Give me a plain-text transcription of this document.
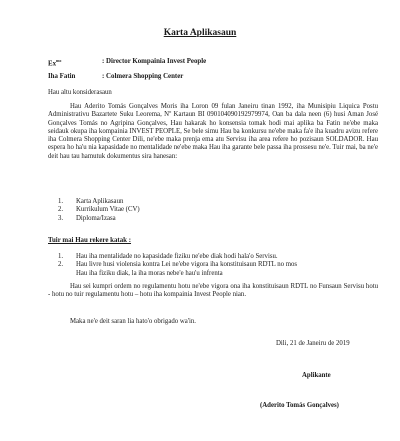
Karta Aplikasaun
$Ex^{mo}$	: Director Kompainia Invest People
Iha Fatin	: Colmera Shopping Center
Hau altu konsiderasaun
Hau Aderito Tomás Gonçalves Moris iha Loron 09 fulan Janeiru tinan 1992, iha Munisipiu Liquica Postu Administrativu Bazartete Suku Leorema, Nº Kartaun BI 090104090192979974, Oan ba dala neen (6) husi Aman José Gonçalves Tomás no Agripina Gonçalves, Hau hakarak ho konsensia tomak hodi mai aplika ba Fatin ne'ebe maka seidauk okupa iha kompainia INVEST PEOPLE, Se bele simu Hau ba konkursu ne'ebe maka fa'e iha kuadru avizu refere iha Colmera Shopping Center Dili, ne'ebe maka prenja ema atu Servisu iha area refere ho pozisaun SOLDADOR. Hau espera ho ha'u nia kapasidade no mentalidade ne'ebe maka Hau iha garante bele passa iha prossesu ne'e. Tuir mai, ba ne'e deit hau tau hamutuk dokumentus sira hanesan:
1. Karta Aplikasaun
2. Kurrikulum Vitae (CV)
3. Diploma/Izasa
Tuir mai Hau rekere katak :
1. Hau iha mentalidade no kapasidade fiziku ne'ebe diak hodi hala'o Servisu.
2. Hau livre husi violensia kontra Lei ne'ebe vigora iha konstituisaun RDTL no mos
Hau iha fiziku diak, la iha moras nebe'e hau'u infrenta
Hau sei kumpri ordem no regulamentu hotu ne'ebe vigora ona iha konstituisaun RDTL no Funsaun Servisu hotu - hotu no tuir regulamentu hotu – hotu iha kompainia Invest People nian.
Maka ne'e deit saran lia hato'o obrigado wa'in.
Dili, 21 de Janeiru de 2019
Aplikante
(Aderito Tomás Gonçalves)
